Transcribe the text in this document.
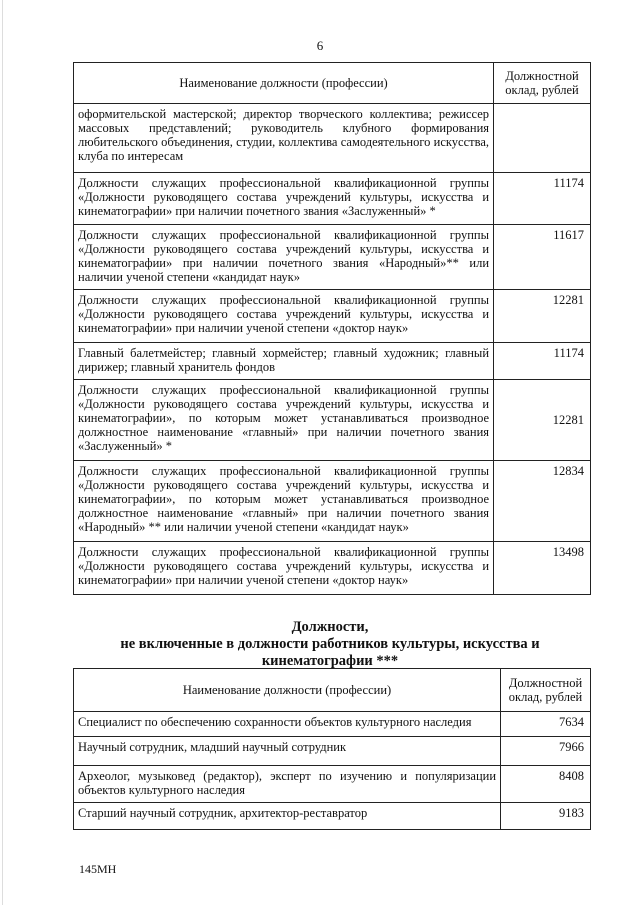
6
Наименование должности (профессии)	Должностной оклад, рублей
оформительской мастерской; директор творческого коллектива; режиссер массовых представлений; руководитель клубного формирования любительского объединения, студии, коллектива самодеятельного искусства, клуба по интересам	
Должности служащих профессиональной квалификационной группы «Должности руководящего состава учреждений культуры, искусства и кинематографии» при наличии почетного звания «Заслуженный» *	11174
Должности служащих профессиональной квалификационной группы «Должности руководящего состава учреждений культуры, искусства и кинематографии» при наличии почетного звания «Народный»** или наличии ученой степени «кандидат наук»	11617
Должности служащих профессиональной квалификационной группы «Должности руководящего состава учреждений культуры, искусства и кинематографии» при наличии ученой степени «доктор наук»	12281
Главный балетмейстер; главный хормейстер; главный художник; главный дирижер; главный хранитель фондов	11174
Должности служащих профессиональной квалификационной группы «Должности руководящего состава учреждений культуры, искусства и кинематографии», по которым может устанавливаться производное должностное наименование «главный» при наличии почетного звания «Заслуженный» *	12281
Должности служащих профессиональной квалификационной группы «Должности руководящего состава учреждений культуры, искусства и кинематографии», по которым может устанавливаться производное должностное наименование «главный» при наличии почетного звания «Народный» ** или наличии ученой степени «кандидат наук»	12834
Должности служащих профессиональной квалификационной группы «Должности руководящего состава учреждений культуры, искусства и кинематографии» при наличии ученой степени «доктор наук»	13498
Должности,
не включенные в должности работников культуры, искусства и
кинематографии ***
Наименование должности (профессии)	Должностной оклад, рублей
Специалист по обеспечению сохранности объектов культурного наследия	7634
Научный сотрудник, младший научный сотрудник	7966
Археолог, музыковед (редактор), эксперт по изучению и популяризации объектов культурного наследия	8408
Старший научный сотрудник, архитектор-реставратор	9183
145МН
